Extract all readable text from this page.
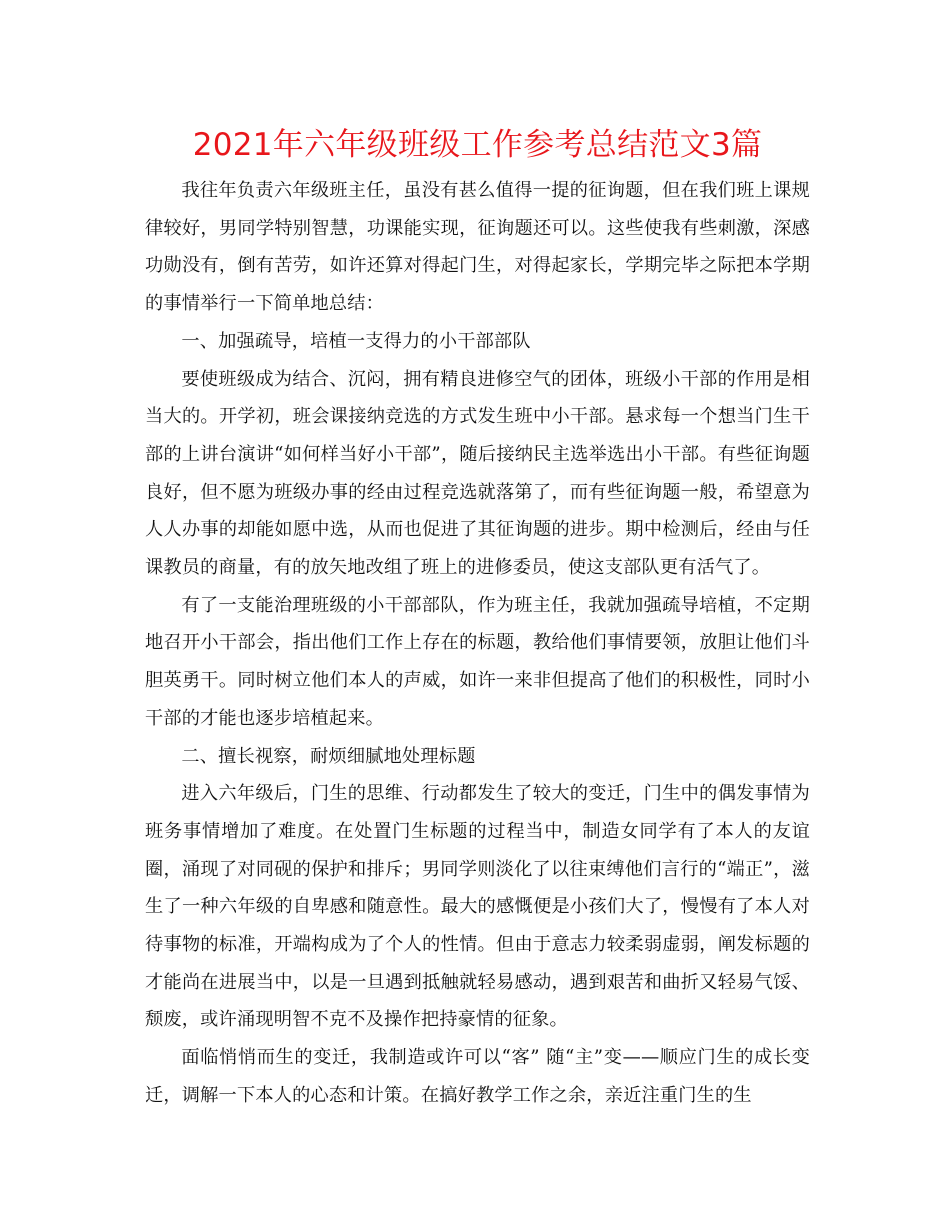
2021年六年级班级工作参考总结范文3篇

我往年负责六年级班主任，虽没有甚么值得一提的征询题，但在我们班上课规律较好，男同学特别智慧，功课能实现，征询题还可以。这些使我有些刺激，深感功勋没有，倒有苦劳，如许还算对得起门生，对得起家长，学期完毕之际把本学期的事情举行一下简单地总结：

一、加强疏导，培植一支得力的小干部部队

要使班级成为结合、沉闷，拥有精良进修空气的团体，班级小干部的作用是相当大的。开学初，班会课接纳竞选的方式发生班中小干部。悬求每一个想当门生干部的上讲台演讲“如何样当好小干部”，随后接纳民主选举选出小干部。有些征询题良好，但不愿为班级办事的经由过程竞选就落第了，而有些征询题一般，希望意为人人办事的却能如愿中选，从而也促进了其征询题的进步。期中检测后，经由与任课教员的商量，有的放矢地改组了班上的进修委员，使这支部队更有活气了。

有了一支能治理班级的小干部部队，作为班主任，我就加强疏导培植，不定期地召开小干部会，指出他们工作上存在的标题，教给他们事情要领，放胆让他们斗胆英勇干。同时树立他们本人的声威，如许一来非但提高了他们的积极性，同时小干部的才能也逐步培植起来。

二、擅长视察，耐烦细腻地处理标题

进入六年级后，门生的思维、行动都发生了较大的变迁，门生中的偶发事情为班务事情增加了难度。在处置门生标题的过程当中，制造女同学有了本人的友谊圈，涌现了对同砚的保护和排斥；男同学则淡化了以往束缚他们言行的“端正”，滋生了一种六年级的自卑感和随意性。最大的感慨便是小孩们大了，慢慢有了本人对待事物的标准，开端构成为了个人的性情。但由于意志力较柔弱虚弱，阐发标题的才能尚在进展当中，以是一旦遇到抵触就轻易感动，遇到艰苦和曲折又轻易气馁、颓废，或许涌现明智不克不及操作把持豪情的征象。

面临悄悄而生的变迁，我制造或许可以“客” 随“主”变——顺应门生的成长变迁，调解一下本人的心态和计策。在搞好教学工作之余，亲近注重门生的生
